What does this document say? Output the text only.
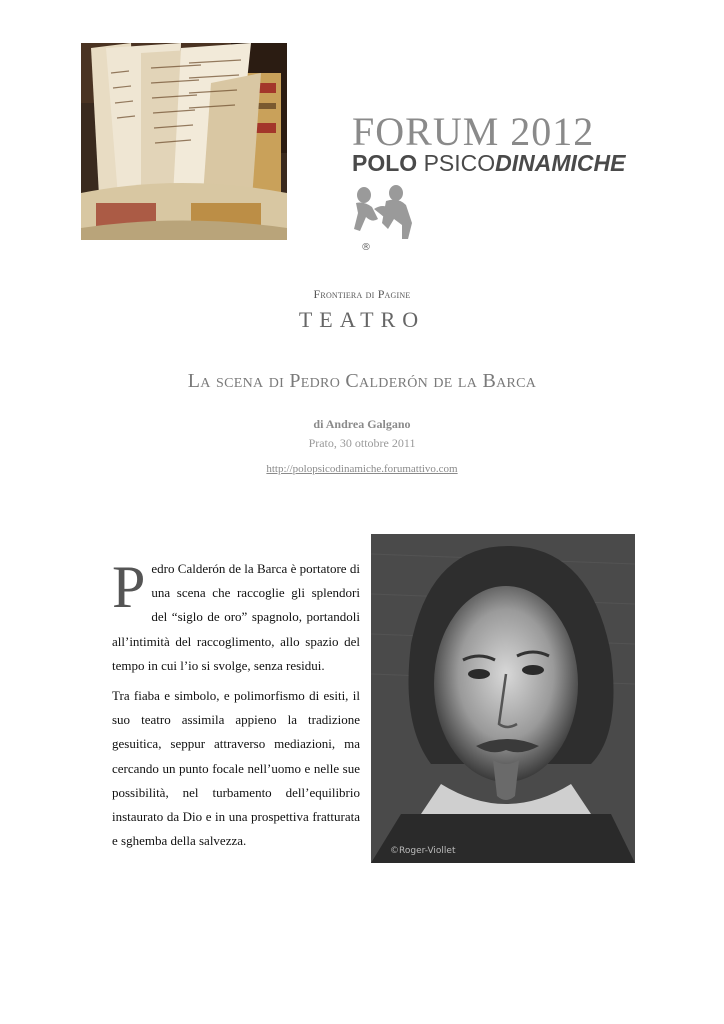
FORUM 2012
POLO PSICODINAMICHE
®
Frontiera di Pagine
TEATRO
La scena di Pedro Calderón de la Barca
di Andrea Galgano
Prato, 30 ottobre 2011
http://polopsicodinamiche.forumattivo.com

Pedro Calderón de la Barca è portatore di una scena che raccoglie gli splendori del “siglo de oro” spagnolo, portandoli all’intimità del raccoglimento, allo spazio del tempo in cui l’io si svolge, senza residui.

Tra fiaba e simbolo, e polimorfismo di esiti, il suo teatro assimila appieno la tradizione gesuitica, seppur attraverso mediazioni, ma cercando un punto focale nell’uomo e nelle sue possibilità, nel turbamento dell’equilibrio instaurato da Dio e in una prospettiva fratturata e sghemba della salvezza.

©Roger-Viollet
